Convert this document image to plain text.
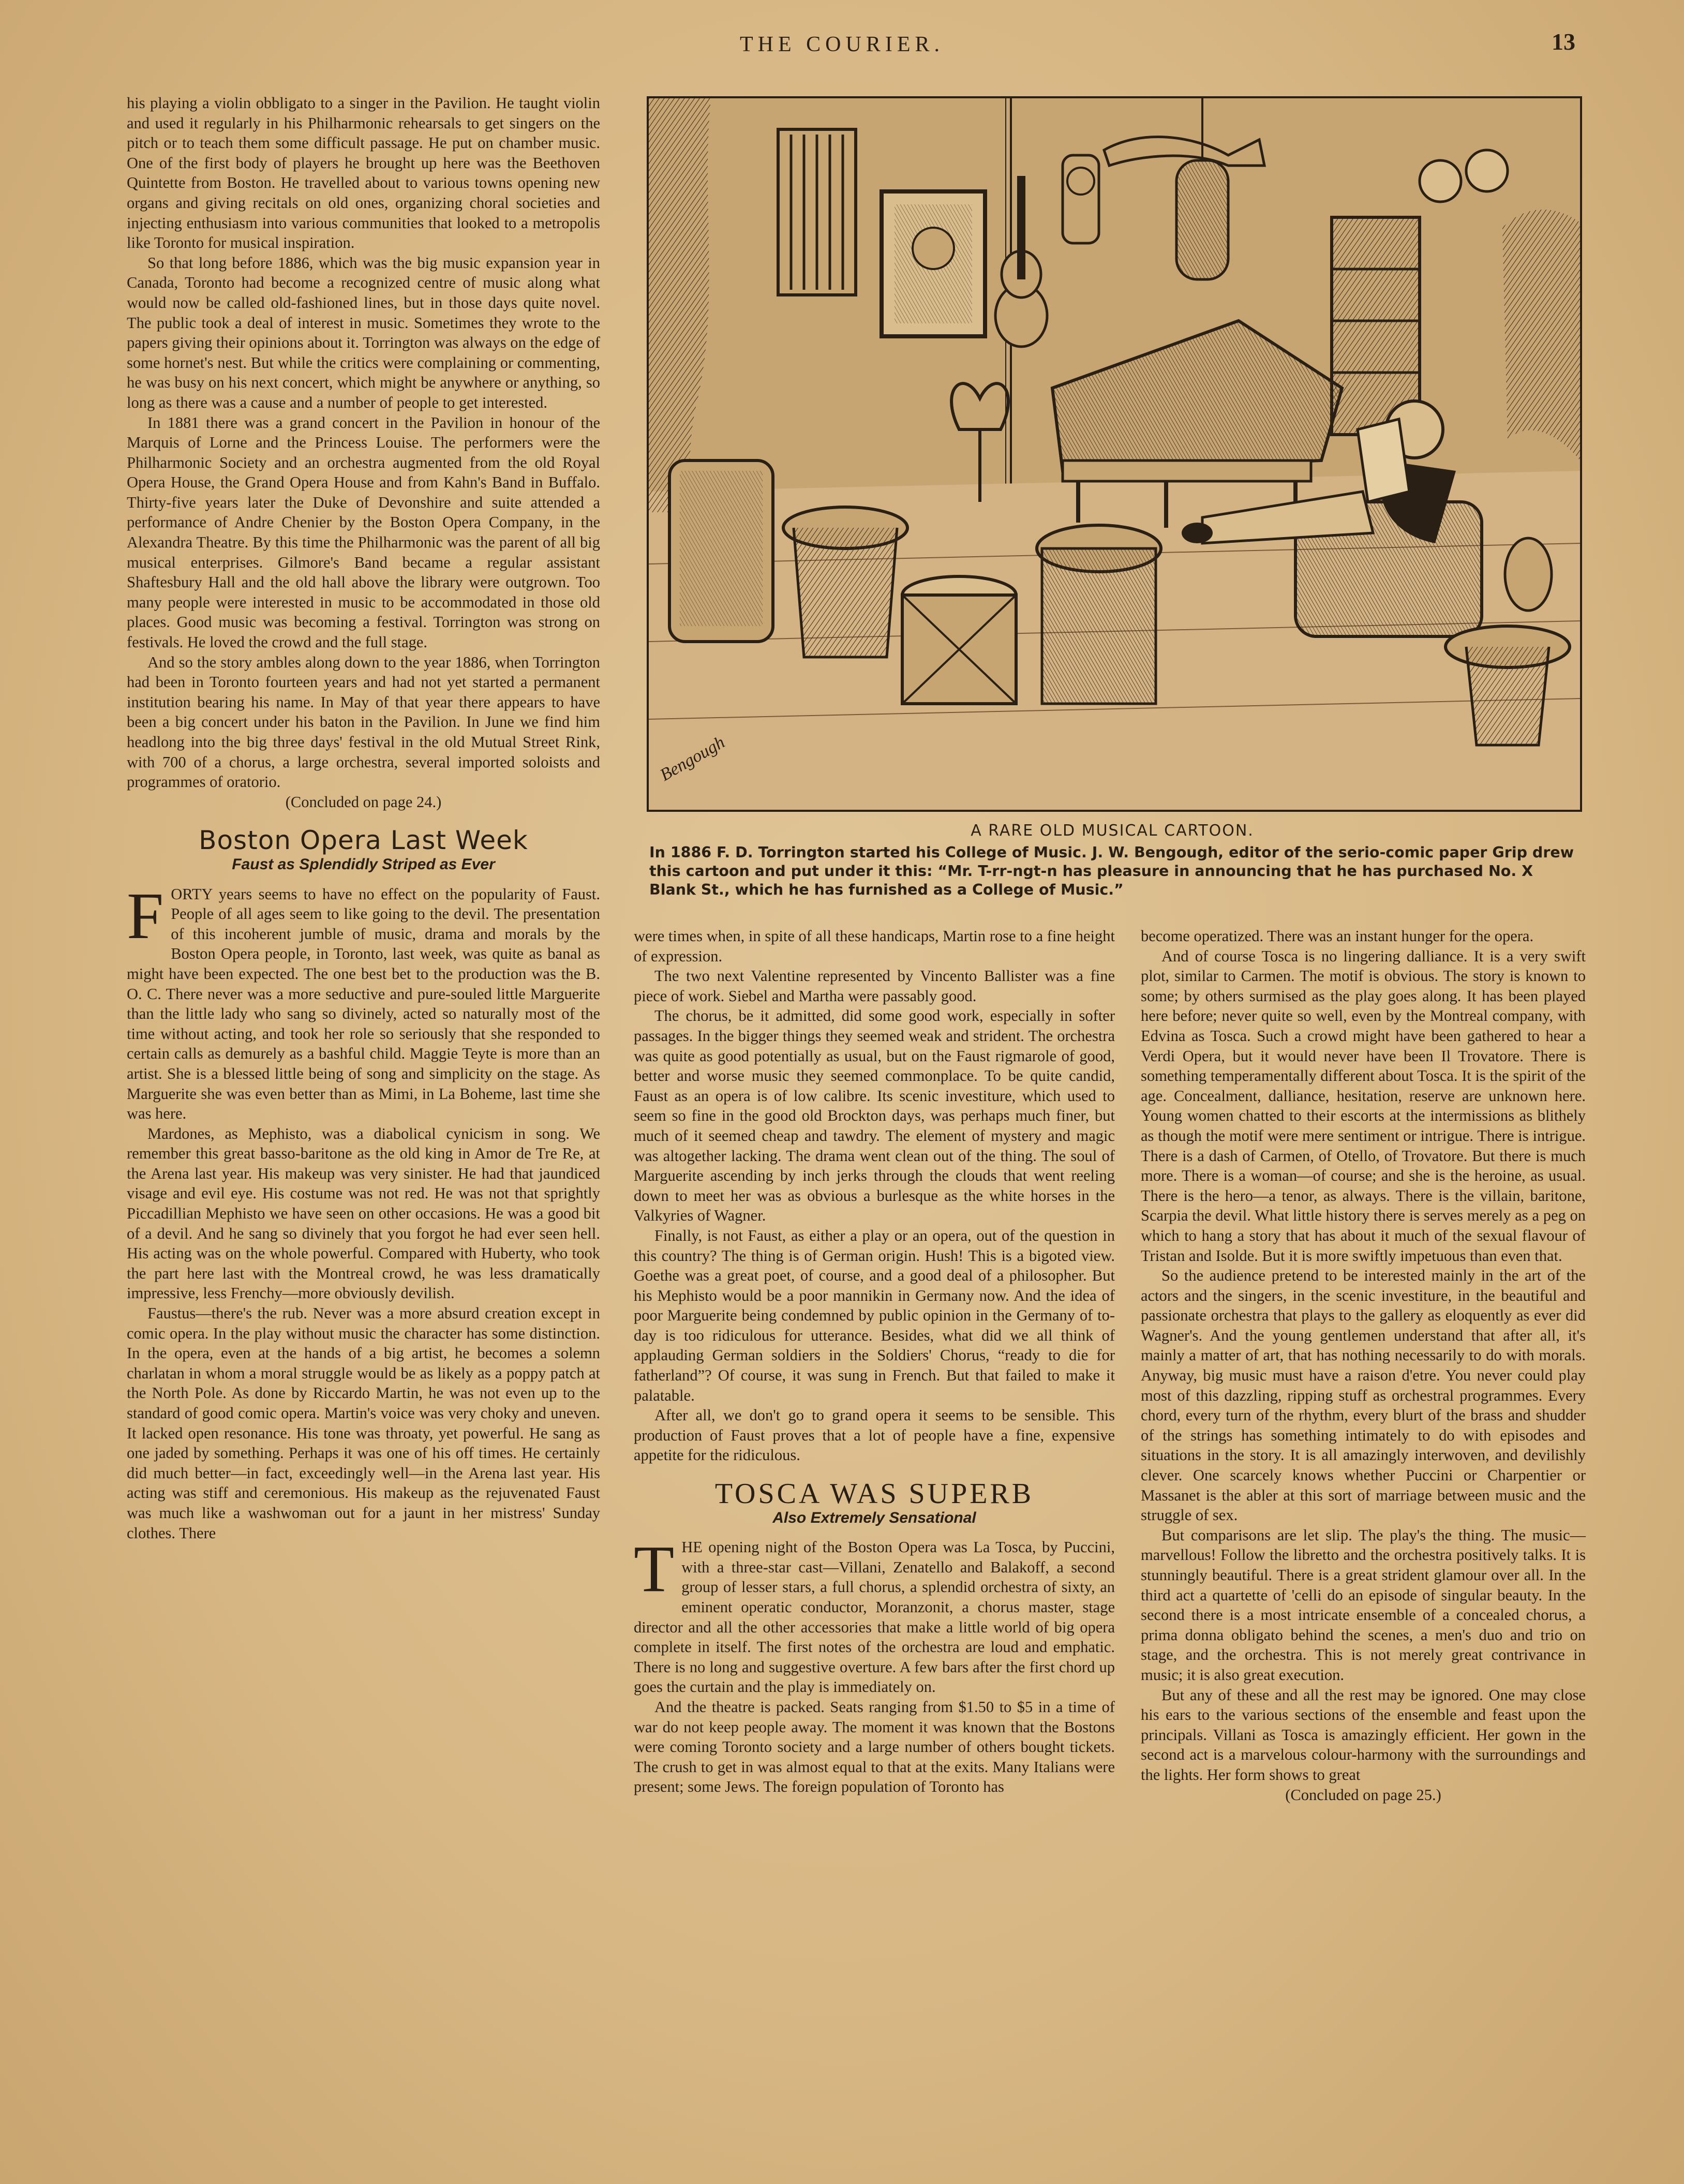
THE COURIER.	13

his playing a violin obbligato to a singer in the Pavilion. He taught violin and used it regularly in his Philharmonic rehearsals to get singers on the pitch or to teach them some difficult passage. He put on chamber music. One of the first body of players he brought up here was the Beethoven Quintette from Boston. He travelled about to various towns opening new organs and giving recitals on old ones, organizing choral societies and injecting enthusiasm into various communities that looked to a metropolis like Toronto for musical inspiration.

So that long before 1886, which was the big music expansion year in Canada, Toronto had become a recognized centre of music along what would now be called old-fashioned lines, but in those days quite novel. The public took a deal of interest in music. Sometimes they wrote to the papers giving their opinions about it. Torrington was always on the edge of some hornet's nest. But while the critics were complaining or commenting, he was busy on his next concert, which might be anywhere or anything, so long as there was a cause and a number of people to get interested.

In 1881 there was a grand concert in the Pavilion in honour of the Marquis of Lorne and the Princess Louise. The performers were the Philharmonic Society and an orchestra augmented from the old Royal Opera House, the Grand Opera House and from Kahn's Band in Buffalo. Thirty-five years later the Duke of Devonshire and suite attended a performance of Andre Chenier by the Boston Opera Company, in the Alexandra Theatre. By this time the Philharmonic was the parent of all big musical enterprises. Gilmore's Band became a regular assistant Shaftesbury Hall and the old hall above the library were outgrown. Too many people were interested in music to be accommodated in those old places. Good music was becoming a festival. Torrington was strong on festivals. He loved the crowd and the full stage.

And so the story ambles along down to the year 1886, when Torrington had been in Toronto fourteen years and had not yet started a permanent institution bearing his name. In May of that year there appears to have been a big concert under his baton in the Pavilion. In June we find him headlong into the big three days' festival in the old Mutual Street Rink, with 700 of a chorus, a large orchestra, several imported soloists and programmes of oratorio.

(Concluded on page 24.)

Boston Opera Last Week
Faust as Splendidly Striped as Ever

FORTY years seems to have no effect on the popularity of Faust. People of all ages seem to like going to the devil. The presentation of this incoherent jumble of music, drama and morals by the Boston Opera people, in Toronto, last week, was quite as banal as might have been expected. The one best bet to the production was the B. O. C. There never was a more seductive and pure-souled little Marguerite than the little lady who sang so divinely, acted so naturally most of the time without acting, and took her role so seriously that she responded to certain calls as demurely as a bashful child. Maggie Teyte is more than an artist. She is a blessed little being of song and simplicity on the stage. As Marguerite she was even better than as Mimi, in La Boheme, last time she was here.

Mardones, as Mephisto, was a diabolical cynicism in song. We remember this great basso-baritone as the old king in Amor de Tre Re, at the Arena last year. His makeup was very sinister. He had that jaundiced visage and evil eye. His costume was not red. He was not that sprightly Piccadillian Mephisto we have seen on other occasions. He was a good bit of a devil. And he sang so divinely that you forgot he had ever seen hell. His acting was on the whole powerful. Compared with Huberty, who took the part here last with the Montreal crowd, he was less dramatically impressive, less Frenchy—more obviously devilish.

Faustus—there's the rub. Never was a more absurd creation except in comic opera. In the play without music the character has some distinction. In the opera, even at the hands of a big artist, he becomes a solemn charlatan in whom a moral struggle would be as likely as a poppy patch at the North Pole. As done by Riccardo Martin, he was not even up to the standard of good comic opera. Martin's voice was very choky and uneven. It lacked open resonance. His tone was throaty, yet powerful. He sang as one jaded by something. Perhaps it was one of his off times. He certainly did much better—in fact, exceedingly well—in the Arena last year. His acting was stiff and ceremonious. His makeup as the rejuvenated Faust was much like a washwoman out for a jaunt in her mistress' Sunday clothes. There

Bengough
A RARE OLD MUSICAL CARTOON.
In 1886 F. D. Torrington started his College of Music. J. W. Bengough, editor of the serio-comic paper Grip drew this cartoon and put under it this: “Mr. T-rr-ngt-n has pleasure in announcing that he has purchased No. X Blank St., which he has furnished as a College of Music.”

were times when, in spite of all these handicaps, Martin rose to a fine height of expression.

The two next Valentine represented by Vincento Ballister was a fine piece of work. Siebel and Martha were passably good.

The chorus, be it admitted, did some good work, especially in softer passages. In the bigger things they seemed weak and strident. The orchestra was quite as good potentially as usual, but on the Faust rigmarole of good, better and worse music they seemed commonplace. To be quite candid, Faust as an opera is of low calibre. Its scenic investiture, which used to seem so fine in the good old Brockton days, was perhaps much finer, but much of it seemed cheap and tawdry. The element of mystery and magic was altogether lacking. The drama went clean out of the thing. The soul of Marguerite ascending by inch jerks through the clouds that went reeling down to meet her was as obvious a burlesque as the white horses in the Valkyries of Wagner.

Finally, is not Faust, as either a play or an opera, out of the question in this country? The thing is of German origin. Hush! This is a bigoted view. Goethe was a great poet, of course, and a good deal of a philosopher. But his Mephisto would be a poor mannikin in Germany now. And the idea of poor Marguerite being condemned by public opinion in the Germany of to-day is too ridiculous for utterance. Besides, what did we all think of applauding German soldiers in the Soldiers' Chorus, “ready to die for fatherland”? Of course, it was sung in French. But that failed to make it palatable.

After all, we don't go to grand opera it seems to be sensible. This production of Faust proves that a lot of people have a fine, expensive appetite for the ridiculous.

TOSCA WAS SUPERB
Also Extremely Sensational

THE opening night of the Boston Opera was La Tosca, by Puccini, with a three-star cast—Villani, Zenatello and Balakoff, a second group of lesser stars, a full chorus, a splendid orchestra of sixty, an eminent operatic conductor, Moranzonit, a chorus master, stage director and all the other accessories that make a little world of big opera complete in itself. The first notes of the orchestra are loud and emphatic. There is no long and suggestive overture. A few bars after the first chord up goes the curtain and the play is immediately on.

And the theatre is packed. Seats ranging from $1.50 to $5 in a time of war do not keep people away. The moment it was known that the Bostons were coming Toronto society and a large number of others bought tickets. The crush to get in was almost equal to that at the exits. Many Italians were present; some Jews. The foreign population of Toronto has

become operatized. There was an instant hunger for the opera.

And of course Tosca is no lingering dalliance. It is a very swift plot, similar to Carmen. The motif is obvious. The story is known to some; by others surmised as the play goes along. It has been played here before; never quite so well, even by the Montreal company, with Edvina as Tosca. Such a crowd might have been gathered to hear a Verdi Opera, but it would never have been Il Trovatore. There is something temperamentally different about Tosca. It is the spirit of the age. Concealment, dalliance, hesitation, reserve are unknown here. Young women chatted to their escorts at the intermissions as blithely as though the motif were mere sentiment or intrigue. There is intrigue. There is a dash of Carmen, of Otello, of Trovatore. But there is much more. There is a woman—of course; and she is the heroine, as usual. There is the hero—a tenor, as always. There is the villain, baritone, Scarpia the devil. What little history there is serves merely as a peg on which to hang a story that has about it much of the sexual flavour of Tristan and Isolde. But it is more swiftly impetuous than even that.

So the audience pretend to be interested mainly in the art of the actors and the singers, in the scenic investiture, in the beautiful and passionate orchestra that plays to the gallery as eloquently as ever did Wagner's. And the young gentlemen understand that after all, it's mainly a matter of art, that has nothing necessarily to do with morals. Anyway, big music must have a raison d'etre. You never could play most of this dazzling, ripping stuff as orchestral programmes. Every chord, every turn of the rhythm, every blurt of the brass and shudder of the strings has something intimately to do with episodes and situations in the story. It is all amazingly interwoven, and devilishly clever. One scarcely knows whether Puccini or Charpentier or Massanet is the abler at this sort of marriage between music and the struggle of sex.

But comparisons are let slip. The play's the thing. The music—marvellous! Follow the libretto and the orchestra positively talks. It is stunningly beautiful. There is a great strident glamour over all. In the third act a quartette of 'celli do an episode of singular beauty. In the second there is a most intricate ensemble of a concealed chorus, a prima donna obligato behind the scenes, a men's duo and trio on stage, and the orchestra. This is not merely great contrivance in music; it is also great execution.

But any of these and all the rest may be ignored. One may close his ears to the various sections of the ensemble and feast upon the principals. Villani as Tosca is amazingly efficient. Her gown in the second act is a marvelous colour-harmony with the surroundings and the lights. Her form shows to great

(Concluded on page 25.)
